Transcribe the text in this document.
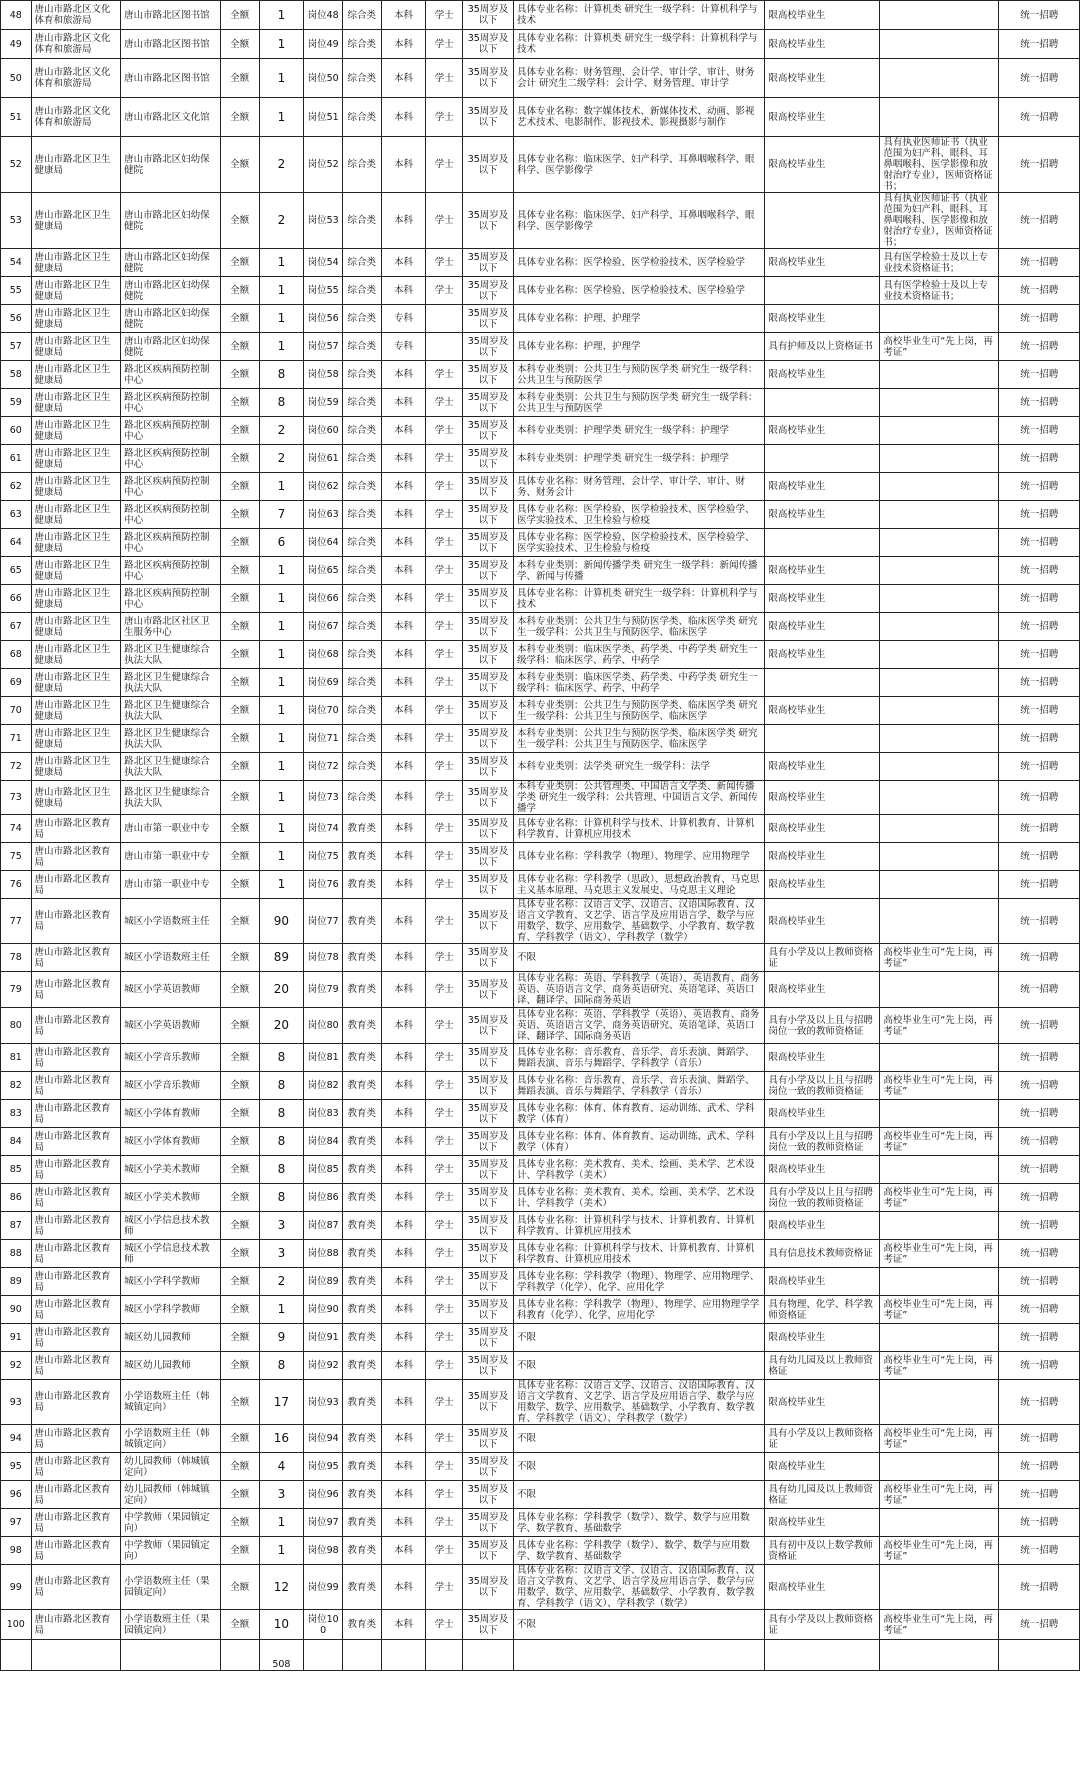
48	唐山市路北区文化体育和旅游局	唐山市路北区图书馆	全额	1	岗位48	综合类	本科	学士	35周岁及以下	具体专业名称：计算机类 研究生一级学科：计算机科学与技术	限高校毕业生		统一招聘
49	唐山市路北区文化体育和旅游局	唐山市路北区图书馆	全额	1	岗位49	综合类	本科	学士	35周岁及以下	具体专业名称：计算机类 研究生一级学科：计算机科学与技术	限高校毕业生		统一招聘
50	唐山市路北区文化体育和旅游局	唐山市路北区图书馆	全额	1	岗位50	综合类	本科	学士	35周岁及以下	具体专业名称：财务管理、会计学、审计学、审计、财务会计 研究生二级学科：会计学、财务管理、审计学	限高校毕业生		统一招聘
51	唐山市路北区文化体育和旅游局	唐山市路北区文化馆	全额	1	岗位51	综合类	本科	学士	35周岁及以下	具体专业名称：数字媒体技术、新媒体技术、动画、影视艺术技术、电影制作、影视技术、影视摄影与制作	限高校毕业生		统一招聘
52	唐山市路北区卫生健康局	唐山市路北区妇幼保健院	全额	2	岗位52	综合类	本科	学士	35周岁及以下	具体专业名称：临床医学、妇产科学、耳鼻咽喉科学、眼科学、医学影像学	限高校毕业生	具有执业医师证书（执业范围为妇产科、眼科、耳鼻咽喉科、医学影像和放射治疗专业），医师资格证书；	统一招聘
53	唐山市路北区卫生健康局	唐山市路北区妇幼保健院	全额	2	岗位53	综合类	本科	学士	35周岁及以下	具体专业名称：临床医学、妇产科学、耳鼻咽喉科学、眼科学、医学影像学		具有执业医师证书（执业范围为妇产科、眼科、耳鼻咽喉科、医学影像和放射治疗专业），医师资格证书；	统一招聘
54	唐山市路北区卫生健康局	唐山市路北区妇幼保健院	全额	1	岗位54	综合类	本科	学士	35周岁及以下	具体专业名称：医学检验、医学检验技术、医学检验学	限高校毕业生	具有医学检验士及以上专业技术资格证书；	统一招聘
55	唐山市路北区卫生健康局	唐山市路北区妇幼保健院	全额	1	岗位55	综合类	本科	学士	35周岁及以下	具体专业名称：医学检验、医学检验技术、医学检验学		具有医学检验士及以上专业技术资格证书；	统一招聘
56	唐山市路北区卫生健康局	唐山市路北区妇幼保健院	全额	1	岗位56	综合类	专科		35周岁及以下	具体专业名称：护理、护理学	限高校毕业生		统一招聘
57	唐山市路北区卫生健康局	唐山市路北区妇幼保健院	全额	1	岗位57	综合类	专科		35周岁及以下	具体专业名称：护理、护理学	具有护师及以上资格证书	高校毕业生可“先上岗，再考证”	统一招聘
58	唐山市路北区卫生健康局	路北区疾病预防控制中心	全额	8	岗位58	综合类	本科	学士	35周岁及以下	本科专业类别：公共卫生与预防医学类 研究生一级学科：公共卫生与预防医学	限高校毕业生		统一招聘
59	唐山市路北区卫生健康局	路北区疾病预防控制中心	全额	8	岗位59	综合类	本科	学士	35周岁及以下	本科专业类别：公共卫生与预防医学类 研究生一级学科：公共卫生与预防医学			统一招聘
60	唐山市路北区卫生健康局	路北区疾病预防控制中心	全额	2	岗位60	综合类	本科	学士	35周岁及以下	本科专业类别：护理学类 研究生一级学科：护理学	限高校毕业生		统一招聘
61	唐山市路北区卫生健康局	路北区疾病预防控制中心	全额	2	岗位61	综合类	本科	学士	35周岁及以下	本科专业类别：护理学类 研究生一级学科：护理学			统一招聘
62	唐山市路北区卫生健康局	路北区疾病预防控制中心	全额	1	岗位62	综合类	本科	学士	35周岁及以下	具体专业名称：财务管理、会计学、审计学、审计、财务、财务会计	限高校毕业生		统一招聘
63	唐山市路北区卫生健康局	路北区疾病预防控制中心	全额	7	岗位63	综合类	本科	学士	35周岁及以下	具体专业名称：医学检验、医学检验技术、医学检验学、医学实验技术、卫生检验与检疫	限高校毕业生		统一招聘
64	唐山市路北区卫生健康局	路北区疾病预防控制中心	全额	6	岗位64	综合类	本科	学士	35周岁及以下	具体专业名称：医学检验、医学检验技术、医学检验学、医学实验技术、卫生检验与检疫			统一招聘
65	唐山市路北区卫生健康局	路北区疾病预防控制中心	全额	1	岗位65	综合类	本科	学士	35周岁及以下	本科专业类别：新闻传播学类 研究生一级学科：新闻传播学、新闻与传播	限高校毕业生		统一招聘
66	唐山市路北区卫生健康局	路北区疾病预防控制中心	全额	1	岗位66	综合类	本科	学士	35周岁及以下	具体专业名称：计算机类 研究生一级学科：计算机科学与技术	限高校毕业生		统一招聘
67	唐山市路北区卫生健康局	唐山市路北区社区卫生服务中心	全额	1	岗位67	综合类	本科	学士	35周岁及以下	本科专业类别：公共卫生与预防医学类、临床医学类 研究生一级学科：公共卫生与预防医学、临床医学	限高校毕业生		统一招聘
68	唐山市路北区卫生健康局	路北区卫生健康综合执法大队	全额	1	岗位68	综合类	本科	学士	35周岁及以下	本科专业类别：临床医学类、药学类、中药学类 研究生一级学科：临床医学、药学、中药学	限高校毕业生		统一招聘
69	唐山市路北区卫生健康局	路北区卫生健康综合执法大队	全额	1	岗位69	综合类	本科	学士	35周岁及以下	本科专业类别：临床医学类、药学类、中药学类 研究生一级学科：临床医学、药学、中药学			统一招聘
70	唐山市路北区卫生健康局	路北区卫生健康综合执法大队	全额	1	岗位70	综合类	本科	学士	35周岁及以下	本科专业类别：公共卫生与预防医学类、临床医学类 研究生一级学科：公共卫生与预防医学、临床医学	限高校毕业生		统一招聘
71	唐山市路北区卫生健康局	路北区卫生健康综合执法大队	全额	1	岗位71	综合类	本科	学士	35周岁及以下	本科专业类别：公共卫生与预防医学类、临床医学类 研究生一级学科：公共卫生与预防医学、临床医学			统一招聘
72	唐山市路北区卫生健康局	路北区卫生健康综合执法大队	全额	1	岗位72	综合类	本科	学士	35周岁及以下	本科专业类别：法学类 研究生一级学科：法学	限高校毕业生		统一招聘
73	唐山市路北区卫生健康局	路北区卫生健康综合执法大队	全额	1	岗位73	综合类	本科	学士	35周岁及以下	本科专业类别：公共管理类、中国语言文学类、新闻传播学类 研究生一级学科：公共管理、中国语言文学、新闻传播学	限高校毕业生		统一招聘
74	唐山市路北区教育局	唐山市第一职业中专	全额	1	岗位74	教育类	本科	学士	35周岁及以下	具体专业名称：计算机科学与技术、计算机教育、计算机科学教育、计算机应用技术	限高校毕业生		统一招聘
75	唐山市路北区教育局	唐山市第一职业中专	全额	1	岗位75	教育类	本科	学士	35周岁及以下	具体专业名称：学科教学（物理）、物理学、应用物理学	限高校毕业生		统一招聘
76	唐山市路北区教育局	唐山市第一职业中专	全额	1	岗位76	教育类	本科	学士	35周岁及以下	具体专业名称：学科教学（思政）、思想政治教育、马克思主义基本原理、马克思主义发展史、马克思主义理论	限高校毕业生		统一招聘
77	唐山市路北区教育局	城区小学语数班主任	全额	90	岗位77	教育类	本科	学士	35周岁及以下	具体专业名称：汉语言文学、汉语言、汉语国际教育、汉语言文学教育、文艺学、语言学及应用语言学、数学与应用数学、数学、应用数学、基础数学、小学教育、数学教育、学科教学（语文）、学科教学（数学）	限高校毕业生		统一招聘
78	唐山市路北区教育局	城区小学语数班主任	全额	89	岗位78	教育类	本科	学士	35周岁及以下	不限	具有小学及以上教师资格证	高校毕业生可“先上岗，再考证”	统一招聘
79	唐山市路北区教育局	城区小学英语教师	全额	20	岗位79	教育类	本科	学士	35周岁及以下	具体专业名称：英语、学科教学（英语）、英语教育、商务英语、英语语言文学、商务英语研究、英语笔译、英语口译、翻译学、国际商务英语	限高校毕业生		统一招聘
80	唐山市路北区教育局	城区小学英语教师	全额	20	岗位80	教育类	本科	学士	35周岁及以下	具体专业名称：英语、学科教学（英语）、英语教育、商务英语、英语语言文学、商务英语研究、英语笔译、英语口译、翻译学、国际商务英语	具有小学及以上且与招聘岗位一致的教师资格证	高校毕业生可“先上岗，再考证”	统一招聘
81	唐山市路北区教育局	城区小学音乐教师	全额	8	岗位81	教育类	本科	学士	35周岁及以下	具体专业名称：音乐教育、音乐学、音乐表演、舞蹈学、舞蹈表演、音乐与舞蹈学、学科教学（音乐）	限高校毕业生		统一招聘
82	唐山市路北区教育局	城区小学音乐教师	全额	8	岗位82	教育类	本科	学士	35周岁及以下	具体专业名称：音乐教育、音乐学、音乐表演、舞蹈学、舞蹈表演、音乐与舞蹈学、学科教学（音乐）	具有小学及以上且与招聘岗位一致的教师资格证	高校毕业生可“先上岗，再考证”	统一招聘
83	唐山市路北区教育局	城区小学体育教师	全额	8	岗位83	教育类	本科	学士	35周岁及以下	具体专业名称：体育、体育教育、运动训练、武术、学科教学（体育）	限高校毕业生		统一招聘
84	唐山市路北区教育局	城区小学体育教师	全额	8	岗位84	教育类	本科	学士	35周岁及以下	具体专业名称：体育、体育教育、运动训练、武术、学科教学（体育）	具有小学及以上且与招聘岗位一致的教师资格证	高校毕业生可“先上岗，再考证”	统一招聘
85	唐山市路北区教育局	城区小学美术教师	全额	8	岗位85	教育类	本科	学士	35周岁及以下	具体专业名称：美术教育、美术、绘画、美术学、艺术设计、学科教学（美术）	限高校毕业生		统一招聘
86	唐山市路北区教育局	城区小学美术教师	全额	8	岗位86	教育类	本科	学士	35周岁及以下	具体专业名称：美术教育、美术、绘画、美术学、艺术设计、学科教学（美术）	具有小学及以上且与招聘岗位一致的教师资格证	高校毕业生可“先上岗，再考证”	统一招聘
87	唐山市路北区教育局	城区小学信息技术教师	全额	3	岗位87	教育类	本科	学士	35周岁及以下	具体专业名称：计算机科学与技术、计算机教育、计算机科学教育、计算机应用技术	限高校毕业生		统一招聘
88	唐山市路北区教育局	城区小学信息技术教师	全额	3	岗位88	教育类	本科	学士	35周岁及以下	具体专业名称：计算机科学与技术、计算机教育、计算机科学教育、计算机应用技术	具有信息技术教师资格证	高校毕业生可“先上岗，再考证”	统一招聘
89	唐山市路北区教育局	城区小学科学教师	全额	2	岗位89	教育类	本科	学士	35周岁及以下	具体专业名称：学科教学（物理）、物理学、应用物理学、学科教学（化学）、化学、应用化学	限高校毕业生		统一招聘
90	唐山市路北区教育局	城区小学科学教师	全额	1	岗位90	教育类	本科	学士	35周岁及以下	具体专业名称：学科教学（物理）、物理学、应用物理学学科教育（化学）、化学、应用化学	具有物理、化学、科学教师资格证	高校毕业生可“先上岗，再考证”	统一招聘
91	唐山市路北区教育局	城区幼儿园教师	全额	9	岗位91	教育类	本科	学士	35周岁及以下	不限	限高校毕业生		统一招聘
92	唐山市路北区教育局	城区幼儿园教师	全额	8	岗位92	教育类	本科	学士	35周岁及以下	不限	具有幼儿园及以上教师资格证	高校毕业生可“先上岗，再考证”	统一招聘
93	唐山市路北区教育局	小学语数班主任（韩城镇定向）	全额	17	岗位93	教育类	本科	学士	35周岁及以下	具体专业名称：汉语言文学、汉语言、汉语国际教育、汉语言文学教育、文艺学、语言学及应用语言学、数学与应用数学、数学、应用数学、基础数学、小学教育、数学教育、学科教学（语文）、学科教学（数学）	限高校毕业生		统一招聘
94	唐山市路北区教育局	小学语数班主任（韩城镇定向）	全额	16	岗位94	教育类	本科	学士	35周岁及以下	不限	具有小学及以上教师资格证	高校毕业生可“先上岗，再考证”	统一招聘
95	唐山市路北区教育局	幼儿园教师（韩城镇定向）	全额	4	岗位95	教育类	本科	学士	35周岁及以下	不限	限高校毕业生		统一招聘
96	唐山市路北区教育局	幼儿园教师（韩城镇定向）	全额	3	岗位96	教育类	本科	学士	35周岁及以下	不限	具有幼儿园及以上教师资格证	高校毕业生可“先上岗，再考证”	统一招聘
97	唐山市路北区教育局	中学教师（果园镇定向）	全额	1	岗位97	教育类	本科	学士	35周岁及以下	具体专业名称：学科教学（数学）、数学、数学与应用数学、数学教育、基础数学	限高校毕业生		统一招聘
98	唐山市路北区教育局	中学教师（果园镇定向）	全额	1	岗位98	教育类	本科	学士	35周岁及以下	具体专业名称：学科教学（数学）、数学、数学与应用数学、数学教育、基础数学	具有初中及以上数学教师资格证	高校毕业生可“先上岗，再考证”	统一招聘
99	唐山市路北区教育局	小学语数班主任（果园镇定向）	全额	12	岗位99	教育类	本科	学士	35周岁及以下	具体专业名称：汉语言文学、汉语言、汉语国际教育、汉语言文学教育、文艺学、语言学及应用语言学、数学与应用数学、数学、应用数学、基础数学、小学教育、数学教育、学科教学（语文）、学科教学（数学）	限高校毕业生		统一招聘
100	唐山市路北区教育局	小学语数班主任（果园镇定向）	全额	10	岗位100	教育类	本科	学士	35周岁及以下	不限	具有小学及以上教师资格证	高校毕业生可“先上岗，再考证”	统一招聘
				508									
